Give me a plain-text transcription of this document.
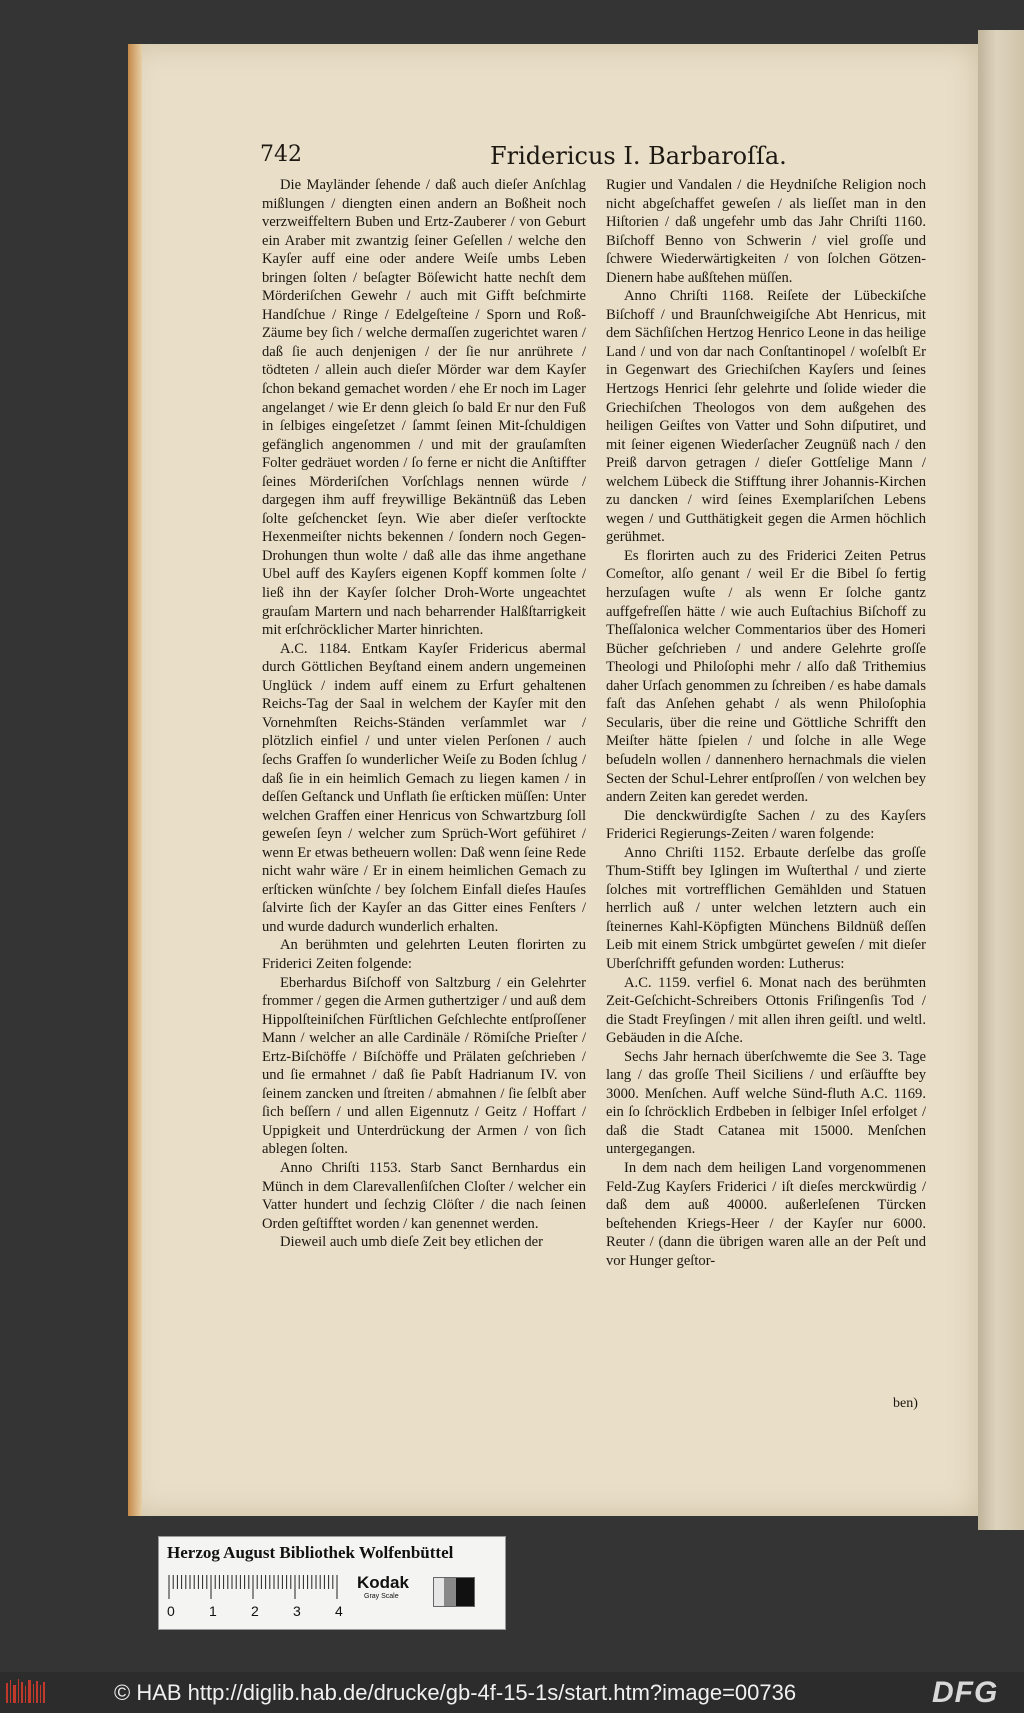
742	Fridericus I. Barbaroſſa.

Die Mayländer ſehende / daß auch dieſer Anſchlag mißlungen / diengten einen andern an Boßheit noch verzweiffeltern Buben und Ertz-Zauberer / von Geburt ein Araber mit zwantzig ſeiner Geſellen / welche den Kayſer auff eine oder andere Weiſe umbs Leben bringen ſolten / beſagter Böſewicht hatte nechſt dem Mörderiſchen Gewehr / auch mit Gifft beſchmirte Handſchue / Ringe / Edelgeſteine / Sporn und Roß-Zäume bey ſich / welche dermaſſen zugerichtet waren / daß ſie auch denjenigen / der ſie nur anrührete / tödteten / allein auch dieſer Mörder war dem Kayſer ſchon bekand gemachet worden / ehe Er noch im Lager angelanget / wie Er denn gleich ſo bald Er nur den Fuß in ſelbiges eingeſetzet / ſammt ſeinen Mit-ſchuldigen gefänglich angenommen / und mit der grauſamſten Folter gedräuet worden / ſo ferne er nicht die Anſtiffter ſeines Mörderiſchen Vorſchlags nennen würde / dargegen ihm auff freywillige Bekäntnüß das Leben ſolte geſchencket ſeyn. Wie aber dieſer verſtockte Hexenmeiſter nichts bekennen / ſondern noch Gegen-Drohungen thun wolte / daß alle das ihme angethane Ubel auff des Kayſers eigenen Kopff kommen ſolte / ließ ihn der Kayſer ſolcher Droh-Worte ungeachtet grauſam Martern und nach beharrender Halßſtarrigkeit mit erſchröcklicher Marter hinrichten.

A.C. 1184. Entkam Kayſer Fridericus abermal durch Göttlichen Beyſtand einem andern ungemeinen Unglück / indem auff einem zu Erfurt gehaltenen Reichs-Tag der Saal in welchem der Kayſer mit den Vornehmſten Reichs-Ständen verſammlet war / plötzlich einfiel / und unter vielen Perſonen / auch ſechs Graffen ſo wunderlicher Weiſe zu Boden ſchlug / daß ſie in ein heimlich Gemach zu liegen kamen / in deſſen Geſtanck und Unflath ſie erſticken müſſen: Unter welchen Graffen einer Henricus von Schwartzburg ſoll geweſen ſeyn / welcher zum Sprüch-Wort gefühiret / wenn Er etwas betheuern wollen: Daß wenn ſeine Rede nicht wahr wäre / Er in einem heimlichen Gemach zu erſticken wünſchte / bey ſolchem Einfall dieſes Hauſes ſalvirte ſich der Kayſer an das Gitter eines Fenſters / und wurde dadurch wunderlich erhalten.

An berühmten und gelehrten Leuten florirten zu Friderici Zeiten folgende:

Eberhardus Biſchoff von Saltzburg / ein Gelehrter frommer / gegen die Armen guthertziger / und auß dem Hippolſteiniſchen Fürſtlichen Geſchlechte entſproſſener Mann / welcher an alle Cardinäle / Römiſche Prieſter / Ertz-Biſchöffe / Biſchöffe und Prälaten geſchrieben / und ſie ermahnet / daß ſie Pabſt Hadrianum IV. von ſeinem zancken und ſtreiten / abmahnen / ſie ſelbſt aber ſich beſſern / und allen Eigennutz / Geitz / Hoffart / Uppigkeit und Unterdrückung der Armen / von ſich ablegen ſolten.

Anno Chriſti 1153. Starb Sanct Bernhardus ein Münch in dem Clarevallenſiſchen Cloſter / welcher ein Vatter hundert und ſechzig Clöſter / die nach ſeinen Orden geſtifftet worden / kan genennet werden.

Dieweil auch umb dieſe Zeit bey etlichen der

Rugier und Vandalen / die Heydniſche Religion noch nicht abgeſchaffet geweſen / als lieſſet man in den Hiſtorien / daß ungefehr umb das Jahr Chriſti 1160. Biſchoff Benno von Schwerin / viel groſſe und ſchwere Wiederwärtigkeiten / von ſolchen Götzen-Dienern habe außſtehen müſſen.

Anno Chriſti 1168. Reiſete der Lübeckiſche Biſchoff / und Braunſchweigiſche Abt Henricus, mit dem Sächſiſchen Hertzog Henrico Leone in das heilige Land / und von dar nach Conſtantinopel / woſelbſt Er in Gegenwart des Griechiſchen Kayſers und ſeines Hertzogs Henrici ſehr gelehrte und ſolide wieder die Griechiſchen Theologos von dem außgehen des heiligen Geiſtes von Vatter und Sohn diſputiret, und mit ſeiner eigenen Wiederſacher Zeugnüß nach / den Preiß darvon getragen / dieſer Gottſelige Mann / welchem Lübeck die Stifftung ihrer Johannis-Kirchen zu dancken / wird ſeines Exemplariſchen Lebens wegen / und Gutthätigkeit gegen die Armen höchlich gerühmet.

Es florirten auch zu des Friderici Zeiten Petrus Comeſtor, alſo genant / weil Er die Bibel ſo fertig herzuſagen wuſte / als wenn Er ſolche gantz auffgefreſſen hätte / wie auch Euſtachius Biſchoff zu Theſſalonica welcher Commentarios über des Homeri Bücher geſchrieben / und andere Gelehrte groſſe Theologi und Philoſophi mehr / alſo daß Trithemius daher Urſach genommen zu ſchreiben / es habe damals faſt das Anſehen gehabt / als wenn Philoſophia Secularis, über die reine und Göttliche Schrifft den Meiſter hätte ſpielen / und ſolche in alle Wege beſudeln wollen / dannenhero hernachmals die vielen Secten der Schul-Lehrer entſproſſen / von welchen bey andern Zeiten kan geredet werden.

Die denckwürdigſte Sachen / zu des Kayſers Friderici Regierungs-Zeiten / waren folgende:

Anno Chriſti 1152. Erbaute derſelbe das groſſe Thum-Stifft bey Iglingen im Wuſterthal / und zierte ſolches mit vortrefflichen Gemählden und Statuen herrlich auß / unter welchen letztern auch ein ſteinernes Kahl-Köpfigten Münchens Bildnüß deſſen Leib mit einem Strick umbgürtet geweſen / mit dieſer Uberſchrifft gefunden worden: Lutherus:

A.C. 1159. verfiel 6. Monat nach des berühmten Zeit-Geſchicht-Schreibers Ottonis Friſingenſis Tod / die Stadt Freyſingen / mit allen ihren geiſtl. und weltl. Gebäuden in die Aſche.

Sechs Jahr hernach überſchwemte die See 3. Tage lang / das groſſe Theil Siciliens / und erſäuffte bey 3000. Menſchen. Auff welche Sünd-fluth A.C. 1169. ein ſo ſchröcklich Erdbeben in ſelbiger Inſel erfolget / daß die Stadt Catanea mit 15000. Menſchen untergegangen.

In dem nach dem heiligen Land vorgenommenen Feld-Zug Kayſers Friderici / iſt dieſes merckwürdig / daß dem auß 40000. außerleſenen Türcken beſtehenden Kriegs-Heer / der Kayſer nur 6000. Reuter / (dann die übrigen waren alle an der Peſt und vor Hunger geſtor-

ben)
Herzog August Bibliothek Wolfenbüttel
Kodak
Gray Scale
0 1 2 3 4
© HAB http://diglib.hab.de/drucke/gb-4f-15-1s/start.htm?image=00736	DFG
